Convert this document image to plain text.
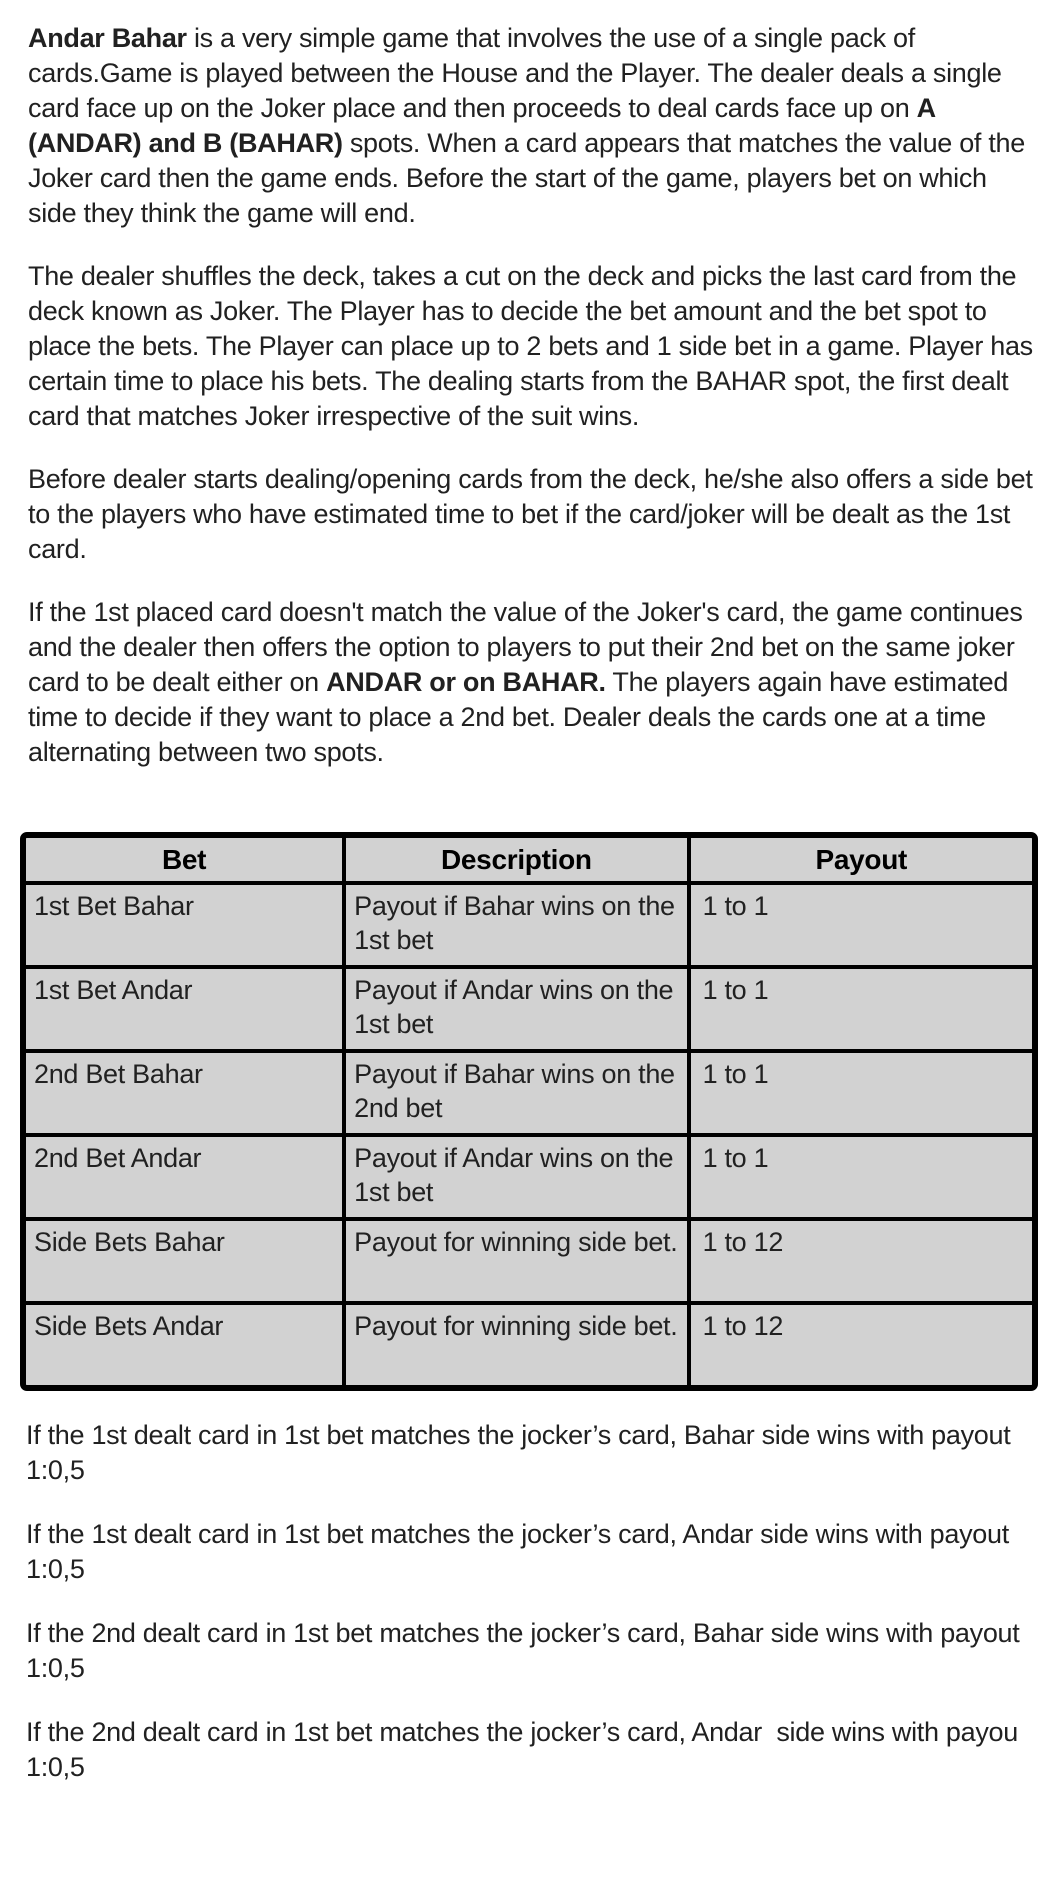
Andar Bahar is a very simple game that involves the use of a single pack of cards.Game is played between the House and the Player. The dealer deals a single card face up on the Joker place and then proceeds to deal cards face up on A (ANDAR) and B (BAHAR) spots. When a card appears that matches the value of the Joker card then the game ends. Before the start of the game, players bet on which side they think the game will end.

The dealer shuffles the deck, takes a cut on the deck and picks the last card from the deck known as Joker. The Player has to decide the bet amount and the bet spot to place the bets. The Player can place up to 2 bets and 1 side bet in a game. Player has certain time to place his bets. The dealing starts from the BAHAR spot, the first dealt card that matches Joker irrespective of the suit wins.

Before dealer starts dealing/opening cards from the deck, he/she also offers a side bet to the players who have estimated time to bet if the card/joker will be dealt as the 1st card.

If the 1st placed card doesn't match the value of the Joker's card, the game continues and the dealer then offers the option to players to put their 2nd bet on the same joker card to be dealt either on ANDAR or on BAHAR. The players again have estimated time to decide if they want to place a 2nd bet. Dealer deals the cards one at a time alternating between two spots.

Bet	Description	Payout
1st Bet Bahar	Payout if Bahar wins on the 1st bet	1 to 1
1st Bet Andar	Payout if Andar wins on the 1st bet	1 to 1
2nd Bet Bahar	Payout if Bahar wins on the 2nd bet	1 to 1
2nd Bet Andar	Payout if Andar wins on the 1st bet	1 to 1
Side Bets Bahar	Payout for winning side bet.	1 to 12
Side Bets Andar	Payout for winning side bet.	1 to 12

If the 1st dealt card in 1st bet matches the jocker’s card, Bahar side wins with payout 1:0,5

If the 1st dealt card in 1st bet matches the jocker’s card, Andar side wins with payout 1:0,5

If the 2nd dealt card in 1st bet matches the jocker’s card, Bahar side wins with payout 1:0,5

If the 2nd dealt card in 1st bet matches the jocker’s card, Andar  side wins with payou 1:0,5
